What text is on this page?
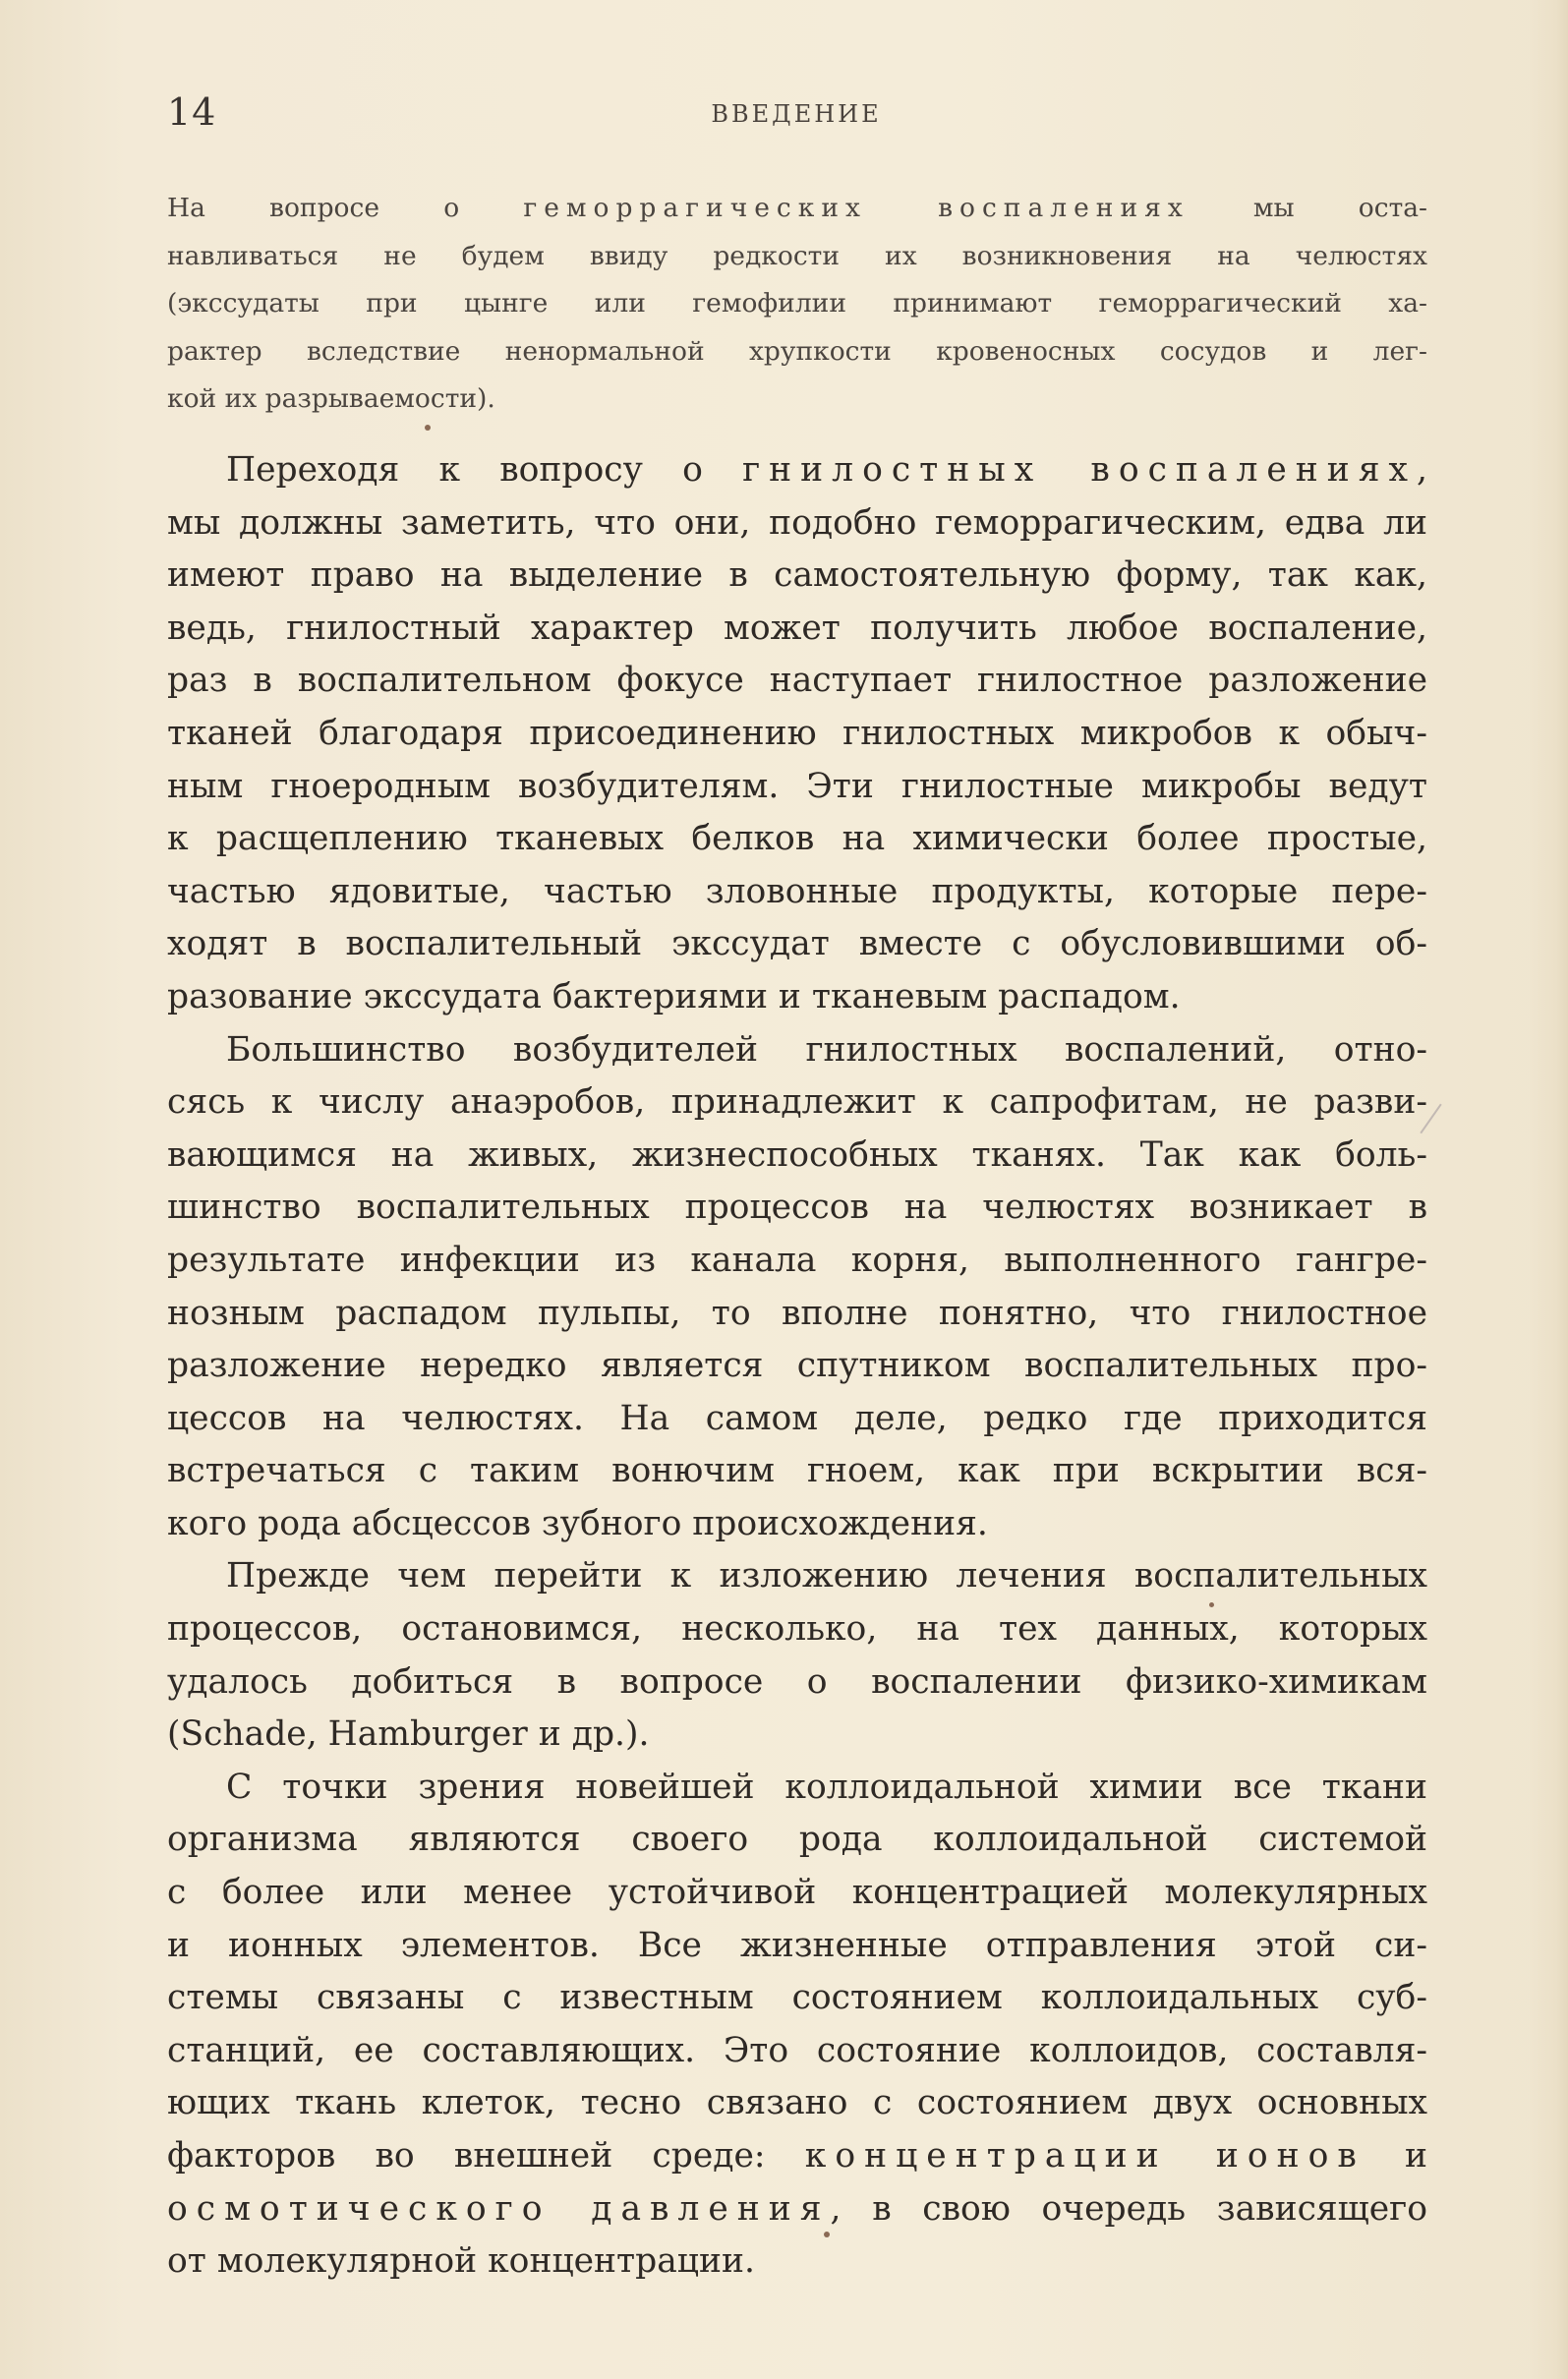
14	ВВЕДЕНИЕ
На вопросе о геморрагических воспалениях мы оста-
навливаться не будем ввиду редкости их возникновения на челюстях
(экссудаты при цынге или гемофилии принимают геморрагический ха-
рактер вследствие ненормальной хрупкости кровеносных сосудов и лег-
кой их разрываемости).
Переходя к вопросу о гнилостных воспалениях,
мы должны заметить, что они, подобно геморрагическим, едва ли
имеют право на выделение в самостоятельную форму, так как,
ведь, гнилостный характер может получить любое воспаление,
раз в воспалительном фокусе наступает гнилостное разложение
тканей благодаря присоединению гнилостных микробов к обыч-
ным гноеродным возбудителям. Эти гнилостные микробы ведут
к расщеплению тканевых белков на химически более простые,
частью ядовитые, частью зловонные продукты, которые пере-
ходят в воспалительный экссудат вместе с обусловившими об-
разование экссудата бактериями и тканевым распадом.
Большинство возбудителей гнилостных воспалений, отно-
сясь к числу анаэробов, принадлежит к сапрофитам, не разви-
вающимся на живых, жизнеспособных тканях. Так как боль-
шинство воспалительных процессов на челюстях возникает в
результате инфекции из канала корня, выполненного гангре-
нозным распадом пульпы, то вполне понятно, что гнилостное
разложение нередко является спутником воспалительных про-
цессов на челюстях. На самом деле, редко где приходится
встречаться с таким вонючим гноем, как при вскрытии вся-
кого рода абсцессов зубного происхождения.
Прежде чем перейти к изложению лечения воспалительных
процессов, остановимся, несколько, на тех данных, которых
удалось добиться в вопросе о воспалении физико-химикам
(Schade, Hamburger и др.).
С точки зрения новейшей коллоидальной химии все ткани
организма являются своего рода коллоидальной системой
с более или менее устойчивой концентрацией молекулярных
и ионных элементов. Все жизненные отправления этой си-
стемы связаны с известным состоянием коллоидальных суб-
станций, ее составляющих. Это состояние коллоидов, составля-
ющих ткань клеток, тесно связано с состоянием двух основных
факторов во внешней среде: концентрации ионов и
осмотического давления, в свою очередь зависящего
от молекулярной концентрации.
